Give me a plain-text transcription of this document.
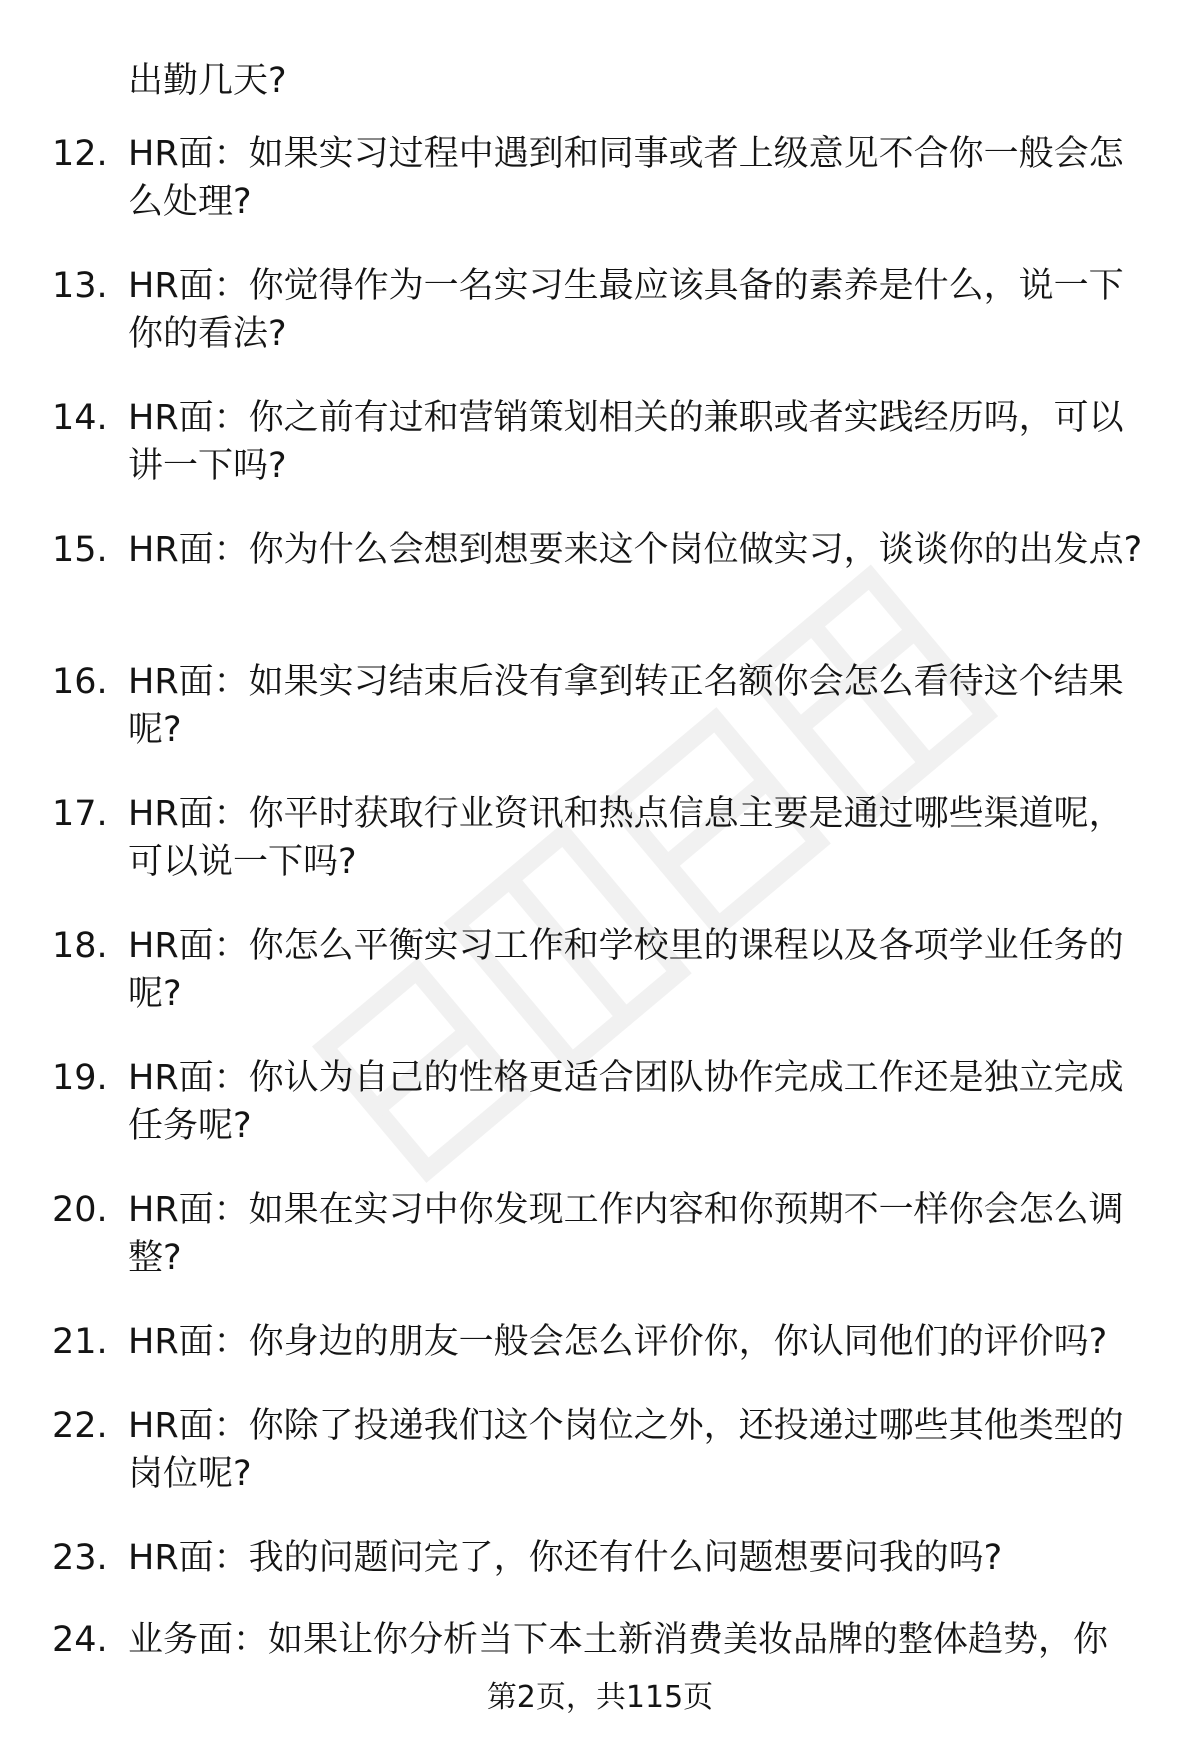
出勤几天?
12. HR面：如果实习过程中遇到和同事或者上级意见不合你一般会怎么处理?
13. HR面：你觉得作为一名实习生最应该具备的素养是什么，说一下你的看法?
14. HR面：你之前有过和营销策划相关的兼职或者实践经历吗，可以讲一下吗?
15. HR面：你为什么会想到想要来这个岗位做实习，谈谈你的出发点?
16. HR面：如果实习结束后没有拿到转正名额你会怎么看待这个结果呢?
17. HR面：你平时获取行业资讯和热点信息主要是通过哪些渠道呢，可以说一下吗?
18. HR面：你怎么平衡实习工作和学校里的课程以及各项学业任务的呢?
19. HR面：你认为自己的性格更适合团队协作完成工作还是独立完成任务呢?
20. HR面：如果在实习中你发现工作内容和你预期不一样你会怎么调整?
21. HR面：你身边的朋友一般会怎么评价你，你认同他们的评价吗?
22. HR面：你除了投递我们这个岗位之外，还投递过哪些其他类型的岗位呢?
23. HR面：我的问题问完了，你还有什么问题想要问我的吗?
24. 业务面：如果让你分析当下本土新消费美妆品牌的整体趋势，你
第2页，共115页
